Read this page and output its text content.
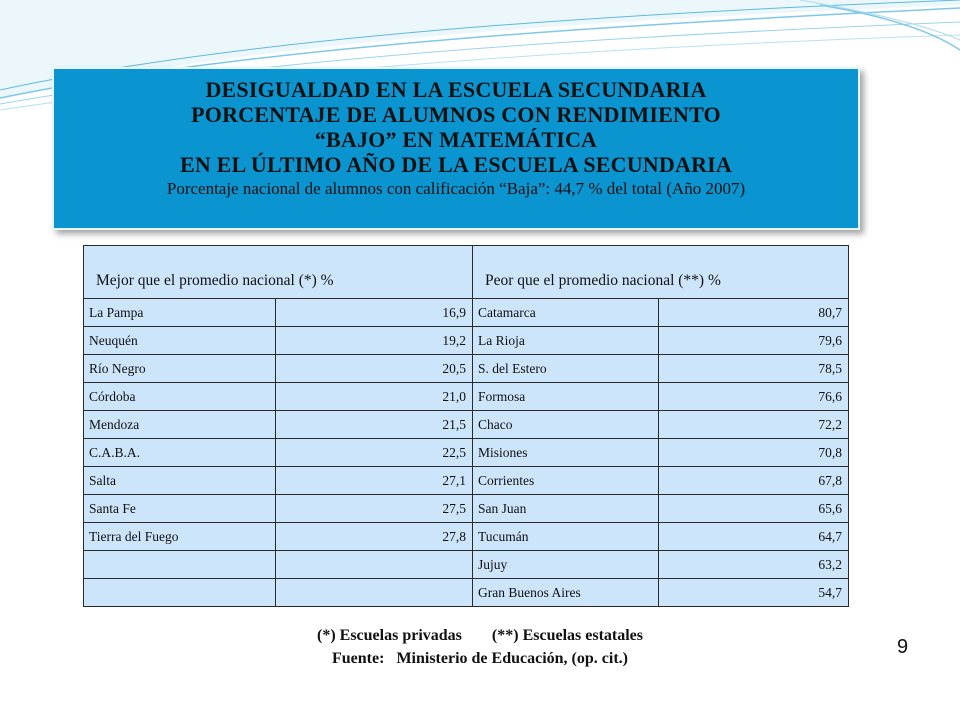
DESIGUALDAD EN LA ESCUELA SECUNDARIA
PORCENTAJE DE ALUMNOS CON RENDIMIENTO
“BAJO” EN MATEMÁTICA
EN EL ÚLTIMO AÑO DE LA ESCUELA SECUNDARIA
Porcentaje nacional de alumnos con calificación “Baja”: 44,7 % del total (Año 2007)
Mejor que el promedio nacional (*) %		Peor que el promedio nacional (**) %	
La Pampa	16,9	Catamarca	80,7
Neuquén	19,2	La Rioja	79,6
Río Negro	20,5	S. del Estero	78,5
Córdoba	21,0	Formosa	76,6
Mendoza	21,5	Chaco	72,2
C.A.B.A.	22,5	Misiones	70,8
Salta	27,1	Corrientes	67,8
Santa Fe	27,5	San Juan	65,6
Tierra del Fuego	27,8	Tucumán	64,7
		Jujuy	63,2
		Gran Buenos Aires	54,7
(*) Escuelas privadas (**) Escuelas estatales
Fuente: Ministerio de Educación, (op. cit.)
9
